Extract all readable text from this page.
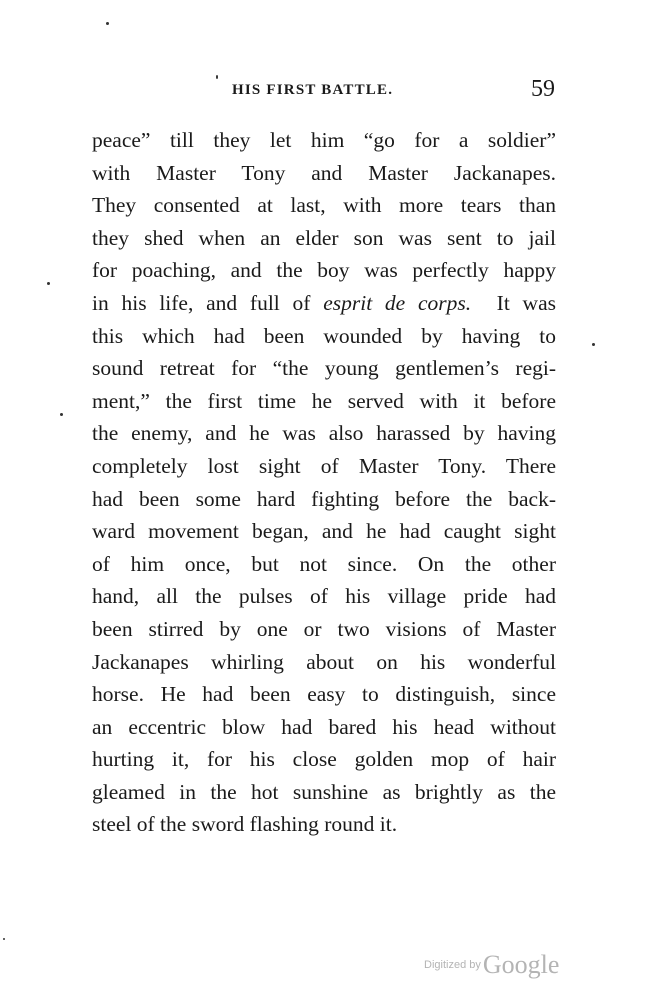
HIS FIRST BATTLE.	59
peace” till they let him “go for a soldier”
with Master Tony and Master Jackanapes.
They consented at last, with more tears than
they shed when an elder son was sent to jail
for poaching, and the boy was perfectly happy
in his life, and full of esprit de corps.  It was
this which had been wounded by having to
sound retreat for “the young gentlemen’s regi-
ment,” the first time he served with it before
the enemy, and he was also harassed by having
completely lost sight of Master Tony. There
had been some hard fighting before the back-
ward movement began, and he had caught sight
of him once, but not since. On the other
hand, all the pulses of his village pride had
been stirred by one or two visions of Master
Jackanapes whirling about on his wonderful
horse. He had been easy to distinguish, since
an eccentric blow had bared his head without
hurting it, for his close golden mop of hair
gleamed in the hot sunshine as brightly as the
steel of the sword flashing round it.
Digitized byGoogle
